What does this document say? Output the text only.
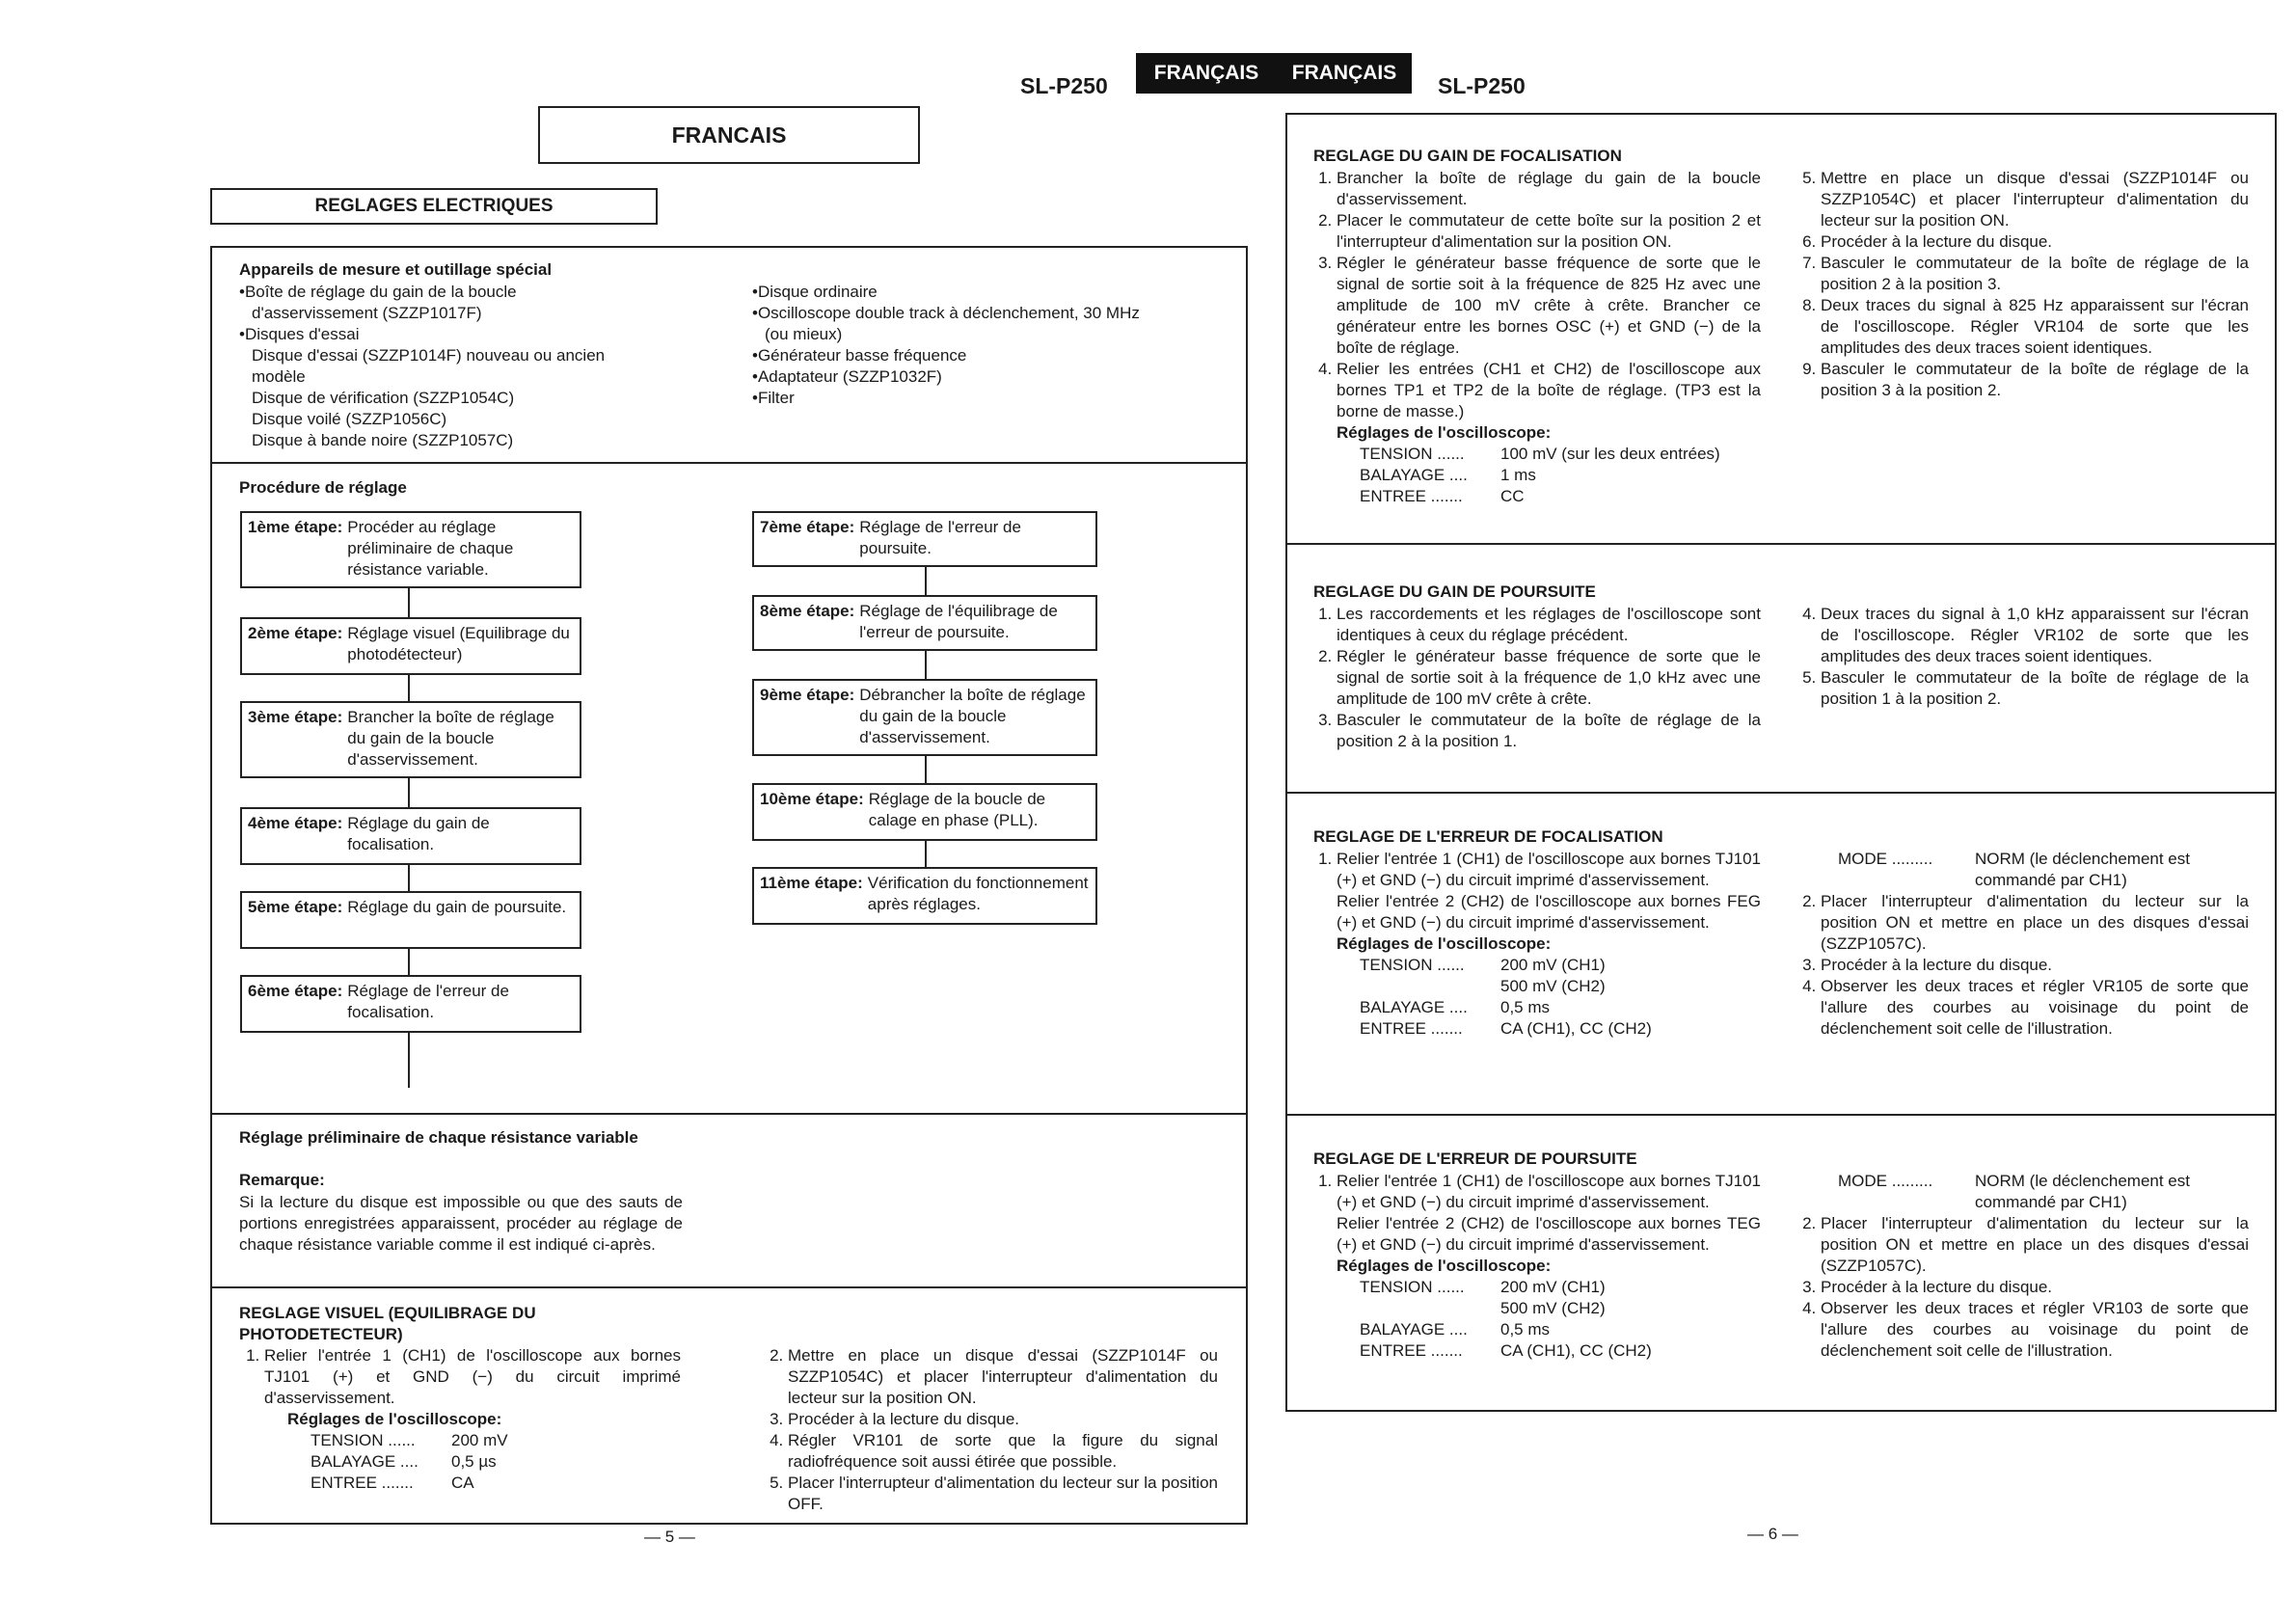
SL-P250
FRANÇAIS	FRANÇAIS
SL-P250
FRANCAIS
REGLAGES ELECTRIQUES
Appareils de mesure et outillage spécial
•Boîte de réglage du gain de la boucle
d'asservissement (SZZP1017F)
•Disques d'essai
Disque d'essai (SZZP1014F) nouveau ou ancien
modèle
Disque de vérification (SZZP1054C)
Disque voilé (SZZP1056C)
Disque à bande noire (SZZP1057C)
•Disque ordinaire
•Oscilloscope double track à déclenchement, 30 MHz
(ou mieux)
•Générateur basse fréquence
•Adaptateur (SZZP1032F)
•Filter
Procédure de réglage
1ème étape: Procéder au réglage préliminaire de chaque résistance variable.
2ème étape: Réglage visuel (Equilibrage du photodétecteur)
3ème étape: Brancher la boîte de réglage du gain de la boucle d'asservissement.
4ème étape: Réglage du gain de focalisation.
5ème étape: Réglage du gain de poursuite.
6ème étape: Réglage de l'erreur de focalisation.
7ème étape: Réglage de l'erreur de poursuite.
8ème étape: Réglage de l'équilibrage de l'erreur de poursuite.
9ème étape: Débrancher la boîte de réglage du gain de la boucle d'asservissement.
10ème étape: Réglage de la boucle de calage en phase (PLL).
11ème étape: Vérification du fonctionnement après réglages.
Réglage préliminaire de chaque résistance variable
Remarque:
Si la lecture du disque est impossible ou que des sauts de portions enregistrées apparaissent, procéder au réglage de chaque résistance variable comme il est indiqué ci-après.
REGLAGE VISUEL (EQUILIBRAGE DU PHOTODETECTEUR)
1. Relier l'entrée 1 (CH1) de l'oscilloscope aux bornes TJ101 (+) et GND (−) du circuit imprimé d'asservissement.
Réglages de l'oscilloscope:
TENSION ......	200 mV
BALAYAGE ....	0,5 µs
ENTREE .......	CA
2. Mettre en place un disque d'essai (SZZP1014F ou SZZP1054C) et placer l'interrupteur d'alimentation du lecteur sur la position ON.
3. Procéder à la lecture du disque.
4. Régler VR101 de sorte que la figure du signal radiofréquence soit aussi étirée que possible.
5. Placer l'interrupteur d'alimentation du lecteur sur la position OFF.
— 5 —
REGLAGE DU GAIN DE FOCALISATION
1. Brancher la boîte de réglage du gain de la boucle d'asservissement.
2. Placer le commutateur de cette boîte sur la position 2 et l'interrupteur d'alimentation sur la position ON.
3. Régler le générateur basse fréquence de sorte que le signal de sortie soit à la fréquence de 825 Hz avec une amplitude de 100 mV crête à crête. Brancher ce générateur entre les bornes OSC (+) et GND (−) de la boîte de réglage.
4. Relier les entrées (CH1 et CH2) de l'oscilloscope aux bornes TP1 et TP2 de la boîte de réglage. (TP3 est la borne de masse.)
Réglages de l'oscilloscope:
TENSION ......	100 mV (sur les deux entrées)
BALAYAGE ....	1 ms
ENTREE .......	CC
5. Mettre en place un disque d'essai (SZZP1014F ou SZZP1054C) et placer l'interrupteur d'alimentation du lecteur sur la position ON.
6. Procéder à la lecture du disque.
7. Basculer le commutateur de la boîte de réglage de la position 2 à la position 3.
8. Deux traces du signal à 825 Hz apparaissent sur l'écran de l'oscilloscope. Régler VR104 de sorte que les amplitudes des deux traces soient identiques.
9. Basculer le commutateur de la boîte de réglage de la position 3 à la position 2.
REGLAGE DU GAIN DE POURSUITE
1. Les raccordements et les réglages de l'oscilloscope sont identiques à ceux du réglage précédent.
2. Régler le générateur basse fréquence de sorte que le signal de sortie soit à la fréquence de 1,0 kHz avec une amplitude de 100 mV crête à crête.
3. Basculer le commutateur de la boîte de réglage de la position 2 à la position 1.
4. Deux traces du signal à 1,0 kHz apparaissent sur l'écran de l'oscilloscope. Régler VR102 de sorte que les amplitudes des deux traces soient identiques.
5. Basculer le commutateur de la boîte de réglage de la position 1 à la position 2.
REGLAGE DE L'ERREUR DE FOCALISATION
1. Relier l'entrée 1 (CH1) de l'oscilloscope aux bornes TJ101 (+) et GND (−) du circuit imprimé d'asservissement.
Relier l'entrée 2 (CH2) de l'oscilloscope aux bornes FEG (+) et GND (−) du circuit imprimé d'asservissement.
Réglages de l'oscilloscope:
TENSION ......	200 mV (CH1)
500 mV (CH2)
BALAYAGE ....	0,5 ms
ENTREE .......	CA (CH1), CC (CH2)
MODE .........	NORM (le déclenchement est
commandé par CH1)
2. Placer l'interrupteur d'alimentation du lecteur sur la position ON et mettre en place un des disques d'essai (SZZP1057C).
3. Procéder à la lecture du disque.
4. Observer les deux traces et régler VR105 de sorte que l'allure des courbes au voisinage du point de déclenchement soit celle de l'illustration.
REGLAGE DE L'ERREUR DE POURSUITE
1. Relier l'entrée 1 (CH1) de l'oscilloscope aux bornes TJ101 (+) et GND (−) du circuit imprimé d'asservissement.
Relier l'entrée 2 (CH2) de l'oscilloscope aux bornes TEG (+) et GND (−) du circuit imprimé d'asservissement.
Réglages de l'oscilloscope:
TENSION ......	200 mV (CH1)
500 mV (CH2)
BALAYAGE ....	0,5 ms
ENTREE .......	CA (CH1), CC (CH2)
MODE .........	NORM (le déclenchement est
commandé par CH1)
2. Placer l'interrupteur d'alimentation du lecteur sur la position ON et mettre en place un des disques d'essai (SZZP1057C).
3. Procéder à la lecture du disque.
4. Observer les deux traces et régler VR103 de sorte que l'allure des courbes au voisinage du point de déclenchement soit celle de l'illustration.
— 6 —
